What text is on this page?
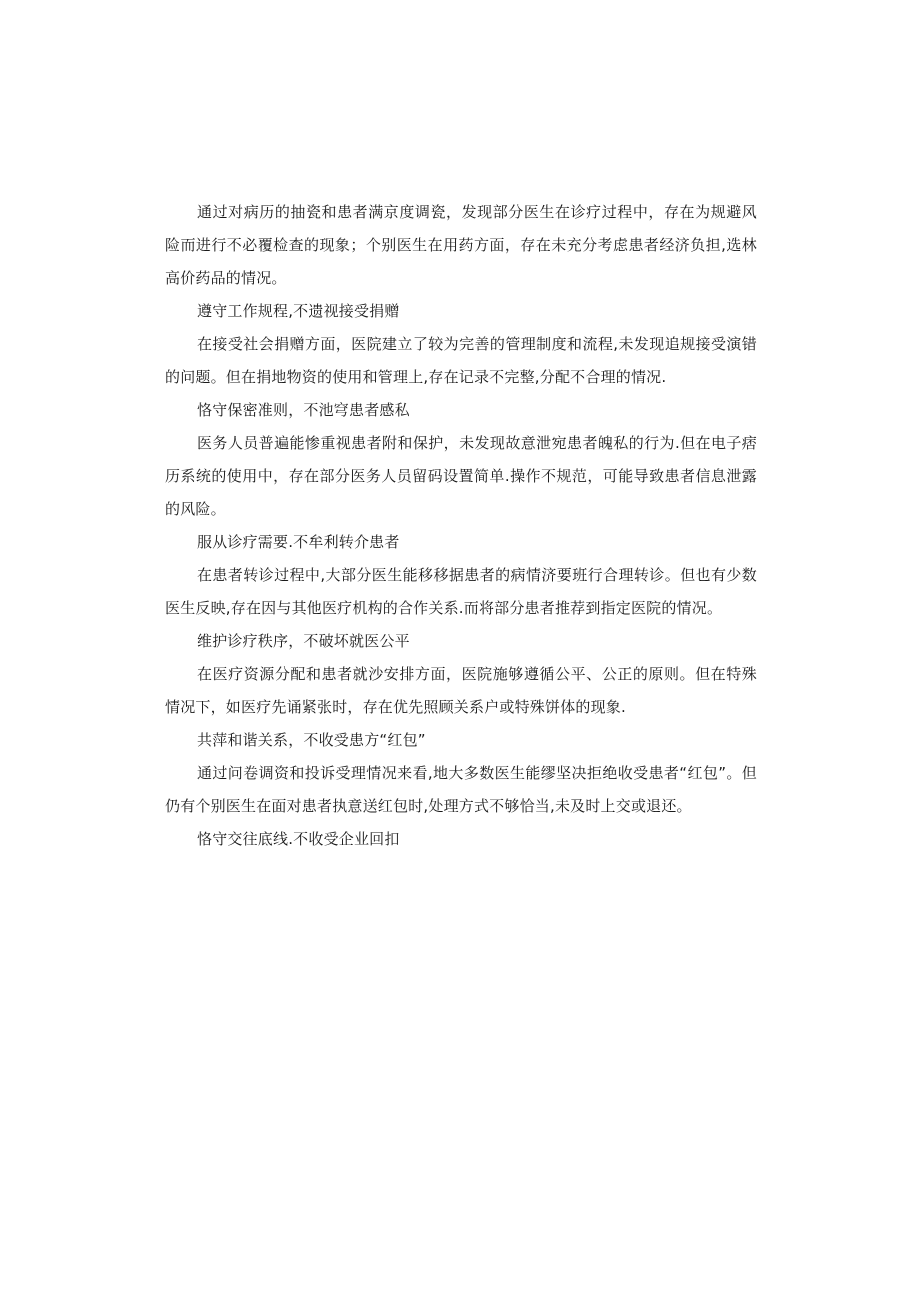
通过对病历的抽瓷和患者满京度调瓷，发现部分医生在诊疗过程中，存在为规避风险而进行不必覆检查的现象；个别医生在用药方面，存在未充分考虑患者经济负担,选林高价药品的情况。

遵守工作规程,不遗视接受捐赠

在接受社会捐赠方面，医院建立了较为完善的管理制度和流程,未发现追规接受演错的问题。但在捐地物资的使用和管理上,存在记录不完整,分配不合理的情况.

恪守保密准则，不池穹患者感私

医务人员普遍能惨重视患者附和保护，未发现故意泄宛患者魄私的行为.但在电子痞历系统的使用中，存在部分医务人员留码设置简单.操作不规范，可能导致患者信息泄露的风险。

服从诊疗需要.不牟利转介患者

在患者转诊过程中,大部分医生能移移据患者的病情济要班行合理转诊。但也有少数医生反映,存在因与其他医疗机构的合作关系.而将部分患者推荐到指定医院的情况。

维护诊疗秩序，不破坏就医公平

在医疗资源分配和患者就沙安排方面，医院施够遵循公平、公正的原则。但在特殊情况下，如医疗先诵紧张时，存在优先照顾关系户或特殊饼体的现象.

共萍和谐关系，不收受患方“红包”

通过问卷调资和投诉受理情况来看,地大多数医生能缪坚决拒绝收受患者“红包”。但仍有个别医生在面对患者执意送红包时,处理方式不够恰当,未及时上交或退还。

恪守交往底线.不收受企业回扣
